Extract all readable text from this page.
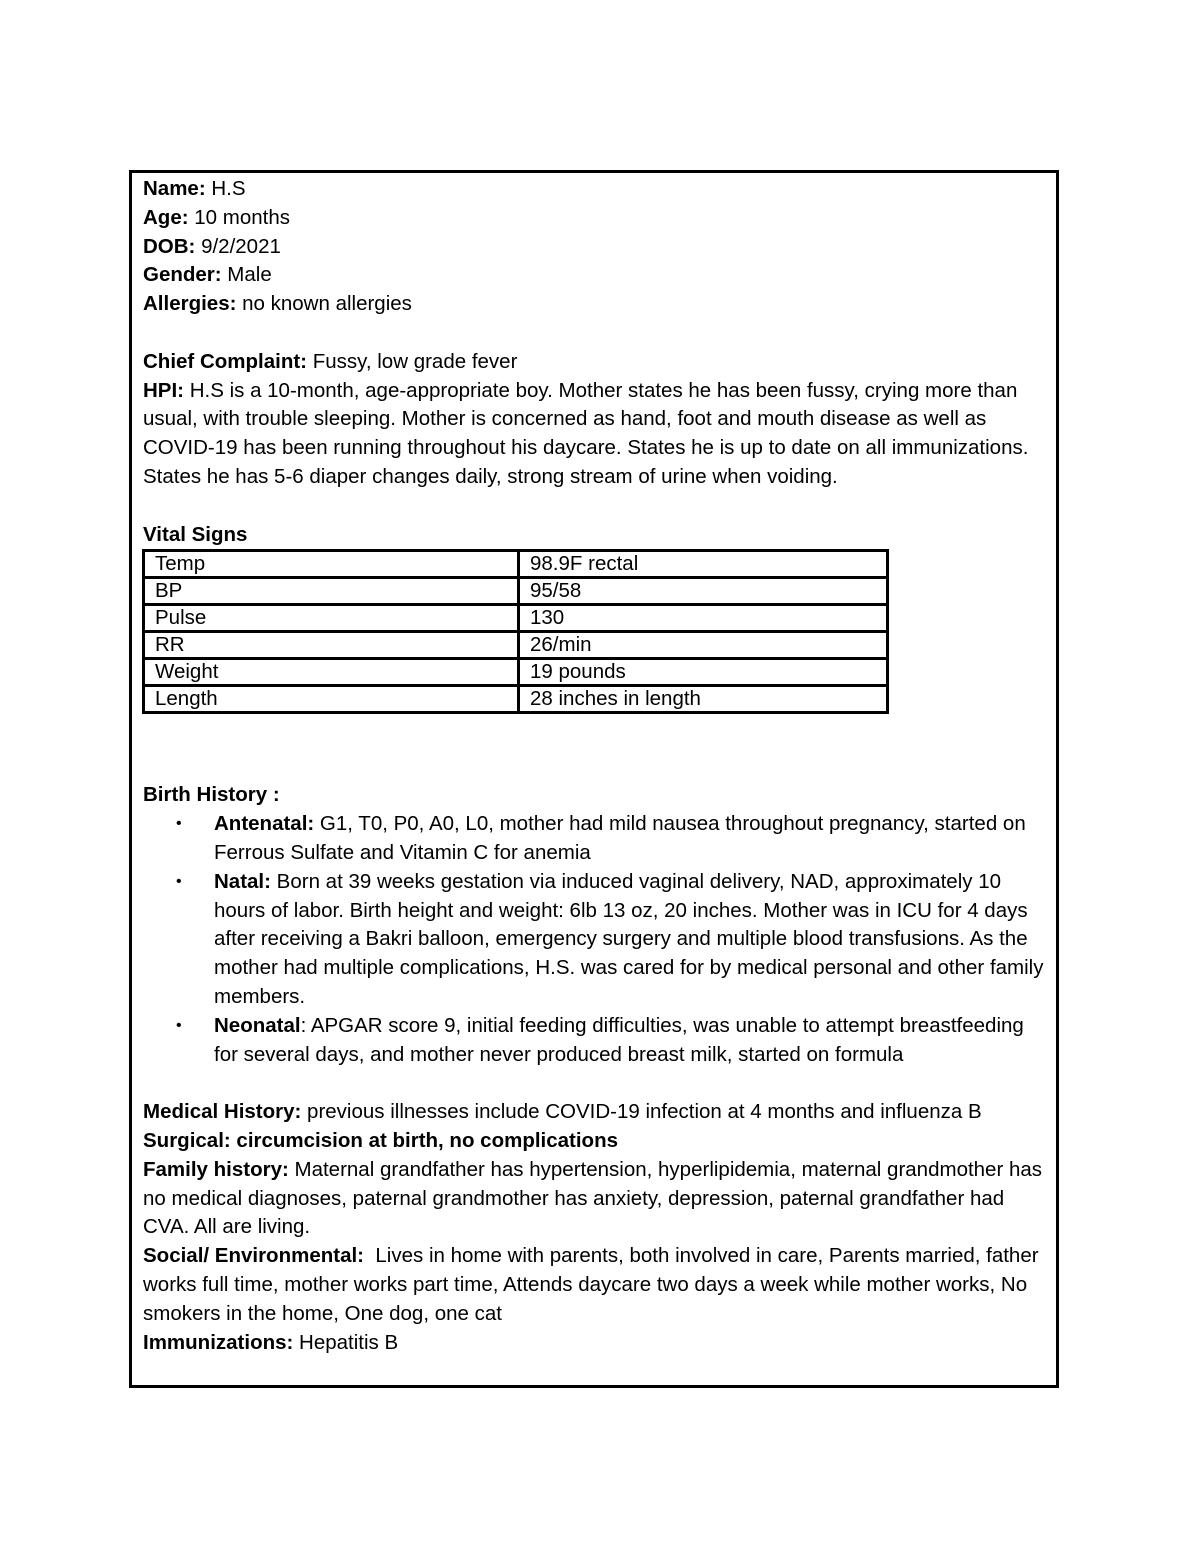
Name: H.S
Age: 10 months
DOB: 9/2/2021
Gender: Male
Allergies: no known allergies
Chief Complaint: Fussy, low grade fever
HPI: H.S is a 10-month, age-appropriate boy. Mother states he has been fussy, crying more than usual, with trouble sleeping. Mother is concerned as hand, foot and mouth disease as well as COVID-19 has been running throughout his daycare. States he is up to date on all immunizations. States he has 5-6 diaper changes daily, strong stream of urine when voiding.
Vital Signs
Temp	98.9F rectal
BP	95/58
Pulse	130
RR	26/min
Weight	19 pounds
Length	28 inches in length
Birth History :
• Antenatal: G1, T0, P0, A0, L0, mother had mild nausea throughout pregnancy, started on Ferrous Sulfate and Vitamin C for anemia
• Natal: Born at 39 weeks gestation via induced vaginal delivery, NAD, approximately 10 hours of labor. Birth height and weight: 6lb 13 oz, 20 inches. Mother was in ICU for 4 days after receiving a Bakri balloon, emergency surgery and multiple blood transfusions. As the mother had multiple complications, H.S. was cared for by medical personal and other family members.
• Neonatal: APGAR score 9, initial feeding difficulties, was unable to attempt breastfeeding for several days, and mother never produced breast milk, started on formula
Medical History: previous illnesses include COVID-19 infection at 4 months and influenza B
Surgical: circumcision at birth, no complications
Family history: Maternal grandfather has hypertension, hyperlipidemia, maternal grandmother has no medical diagnoses, paternal grandmother has anxiety, depression, paternal grandfather had CVA. All are living.
Social/ Environmental:  Lives in home with parents, both involved in care, Parents married, father works full time, mother works part time, Attends daycare two days a week while mother works, No smokers in the home, One dog, one cat
Immunizations: Hepatitis B
